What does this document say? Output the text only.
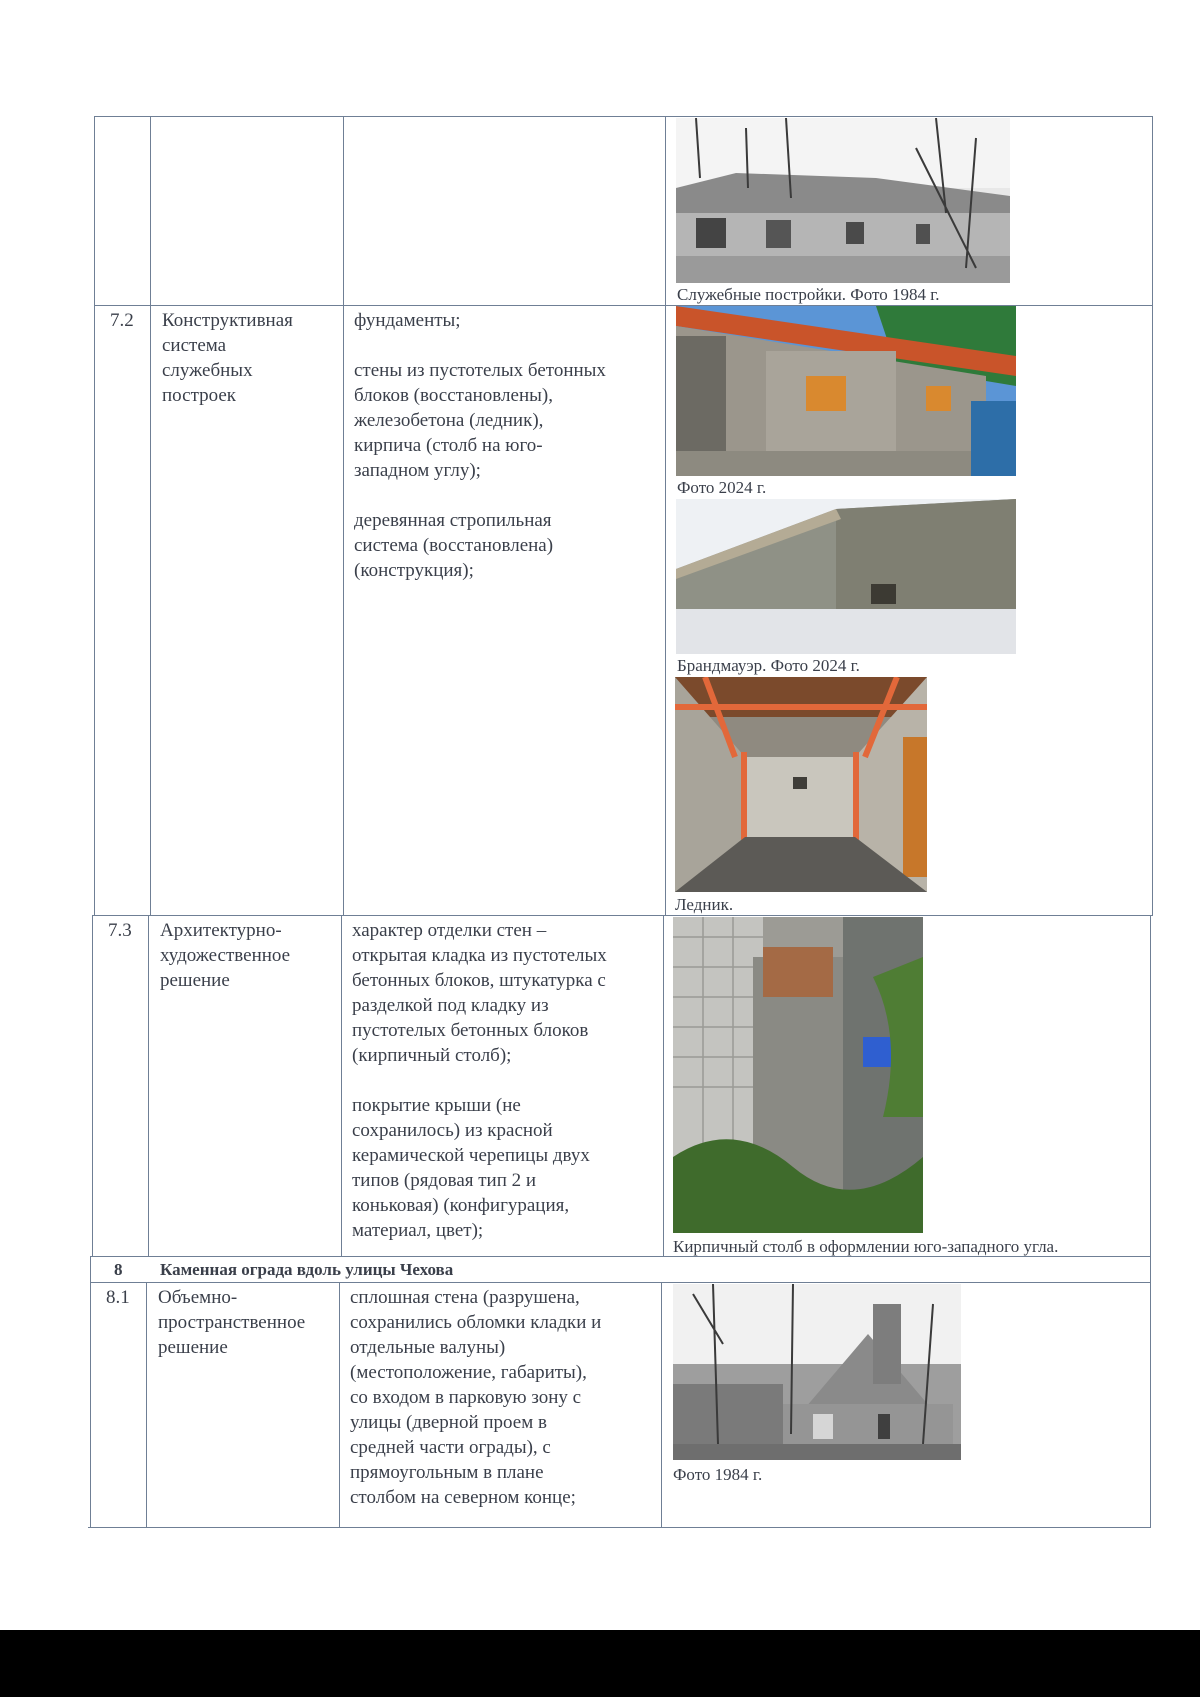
Служебные постройки. Фото 1984 г.
7.2 Конструктивная
система
служебных
построек
фундаменты;

стены из пустотелых бетонных
блоков (восстановлены),
железобетона (ледник),
кирпича (столб на юго-
западном углу);

деревянная стропильная
система (восстановлена)
(конструкция);
Фото 2024 г.
Брандмауэр. Фото 2024 г.
Ледник.
7.3 Архитектурно-
художественное
решение
характер отделки стен –
открытая кладка из пустотелых
бетонных блоков, штукатурка с
разделкой под кладку из
пустотелых бетонных блоков
(кирпичный столб);

покрытие крыши (не
сохранилось) из красной
керамической черепицы двух
типов (рядовая тип 2 и
коньковая) (конфигурация,
материал, цвет);
Кирпичный столб в оформлении юго-западного угла.
8 Каменная ограда вдоль улицы Чехова
8.1 Объемно-
пространственное
решение
сплошная стена (разрушена,
сохранились обломки кладки и
отдельные валуны)
(местоположение, габариты),
со входом в парковую зону с
улицы (дверной проем в
средней части ограды), с
прямоугольным в плане
столбом на северном конце;
Фото 1984 г.
